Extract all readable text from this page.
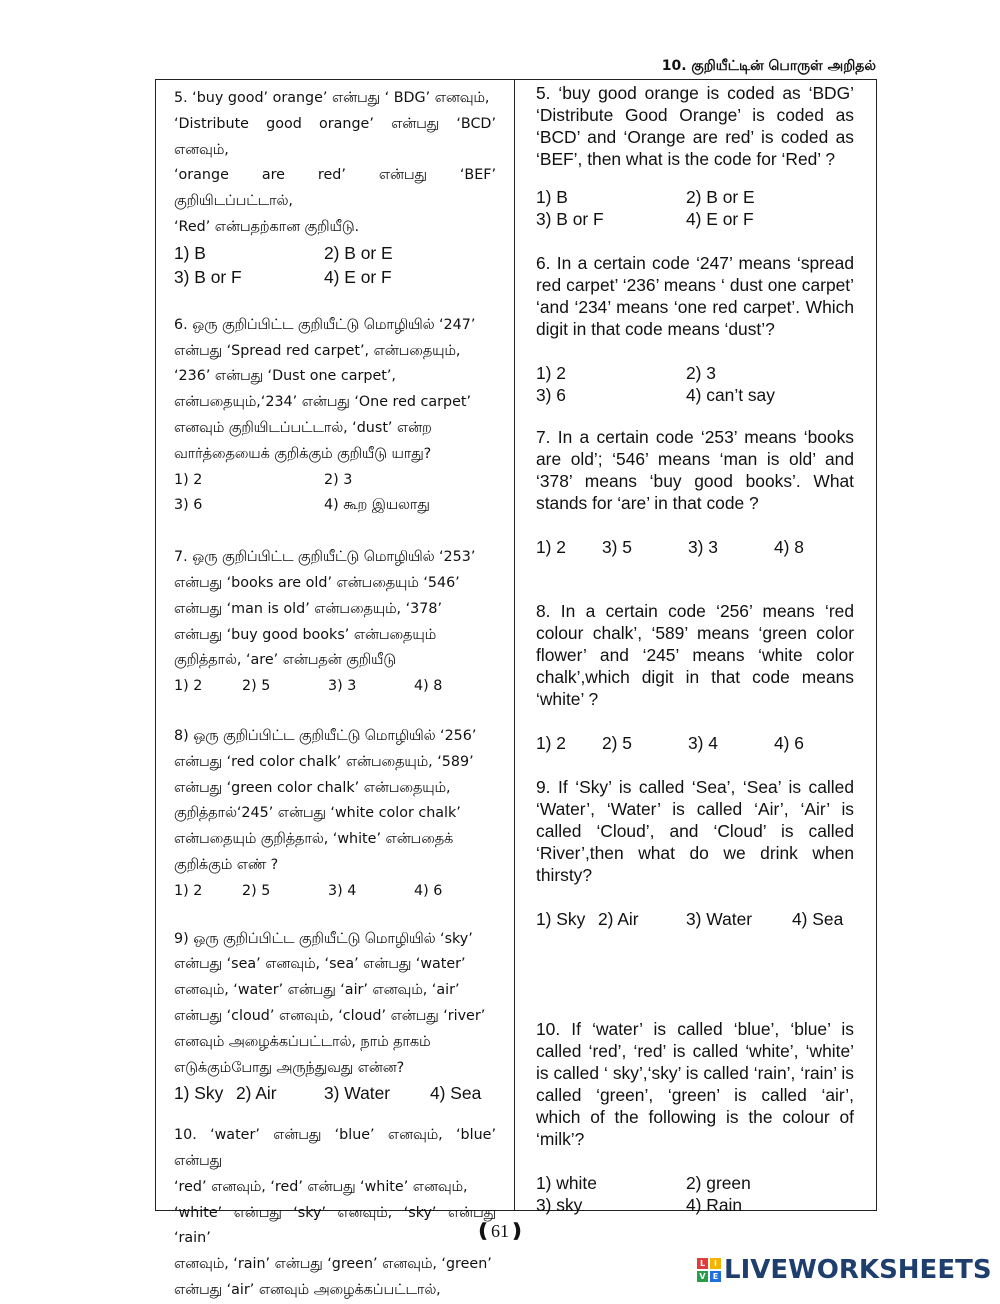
10. குறியீட்டின் பொருள் அறிதல்
5. ‘buy good’ orange’ என்பது ‘ BDG’ எனவும்,
‘Distribute good orange’ என்பது ‘BCD’ எனவும்,
‘orange are red’ என்பது ‘BEF’ குறியிடப்பட்டால்,
‘Red’ என்பதற்கான குறியீடு.
1) B	2) B or E
3) B or F	4) E or F
6. ஒரு குறிப்பிட்ட குறியீட்டு மொழியில் ‘247’
என்பது ‘Spread red carpet’, என்பதையும்,
‘236’ என்பது ‘Dust one carpet’,
என்பதையும்,‘234’ என்பது ‘One red carpet’
எனவும் குறியிடப்பட்டால், ‘dust’ என்ற
வார்த்தையைக் குறிக்கும் குறியீடு யாது?
1) 2	2) 3
3) 6	4) கூற இயலாது
7. ஒரு குறிப்பிட்ட குறியீட்டு மொழியில் ‘253’
என்பது ‘books are old’ என்பதையும் ‘546’
என்பது ‘man is old’ என்பதையும், ‘378’
என்பது ‘buy good books’ என்பதையும்
குறித்தால், ‘are’ என்பதன் குறியீடு
1) 2	2) 5	3) 3	4) 8
8) ஒரு குறிப்பிட்ட குறியீட்டு மொழியில் ‘256’
என்பது ‘red color chalk’ என்பதையும், ‘589’
என்பது ‘green color chalk’ என்பதையும்,
குறித்தால்‘245’ என்பது ‘white color chalk’
என்பதையும் குறித்தால், ‘white’ என்பதைக்
குறிக்கும் எண் ?
1) 2	2) 5	3) 4	4) 6
9) ஒரு குறிப்பிட்ட குறியீட்டு மொழியில் ‘sky’
என்பது ‘sea’ எனவும், ‘sea’ என்பது ‘water’
எனவும், ‘water’ என்பது ‘air’ எனவும், ‘air’
என்பது ‘cloud’ எனவும், ‘cloud’ என்பது ‘river’
எனவும் அழைக்கப்பட்டால், நாம் தாகம்
எடுக்கும்போது அருந்துவது என்ன?
1) Sky 2) Air	3) Water	4) Sea
10. ‘water’ என்பது ‘blue’ எனவும், ‘blue’ என்பது
‘red’ எனவும், ‘red’ என்பது ‘white’ எனவும்,
‘white’ என்பது ‘sky’ எனவும், ‘sky’ என்பது ‘rain’
எனவும், ‘rain’ என்பது ‘green’ எனவும், ‘green’
என்பது ‘air’ எனவும் அழைக்கப்பட்டால்,
5. ‘buy good orange is coded as ‘BDG’ ‘Distribute Good Orange’ is coded as ‘BCD’ and ‘Orange are red’ is coded as ‘BEF’, then what is the code for ‘Red’ ?
1) B	2) B or E
3) B or F	4) E or F
6. In a certain code ‘247’ means ‘spread red carpet’ ‘236’ means ‘ dust one carpet’ ‘and ‘234’ means ‘one red carpet’. Which digit in that code means ‘dust’?
1) 2	2) 3
3) 6	4) can’t say
7. In a certain code ‘253’ means ‘books are old’; ‘546’ means ‘man is old’ and ‘378’ means ‘buy good books’. What stands for ‘are’ in that code ?
1) 2	3) 5	3) 3	4) 8
8. In a certain code ‘256’ means ‘red colour chalk’, ‘589’ means ‘green color flower’ and ‘245’ means ‘white color chalk’,which digit in that code means ‘white’ ?
1) 2	2) 5	3) 4	4) 6
9. If ‘Sky’ is called ‘Sea’, ‘Sea’ is called ‘Water’, ‘Water’ is called ‘Air’, ‘Air’ is called ‘Cloud’, and ‘Cloud’ is called ‘River’,then what do we drink when thirsty?
1) Sky 2) Air	3) Water	4) Sea
10. If ‘water’ is called ‘blue’, ‘blue’ is called ‘red’, ‘red’ is called ‘white’, ‘white’ is called ‘ sky’,‘sky’ is called ‘rain’, ‘rain’ is called ‘green’, ‘green’ is called ‘air’, which of the following is the colour of ‘milk’?
1) white	2) green
3) sky	4) Rain
❪61❫
L	i
V E LIVEWORKSHEETS
